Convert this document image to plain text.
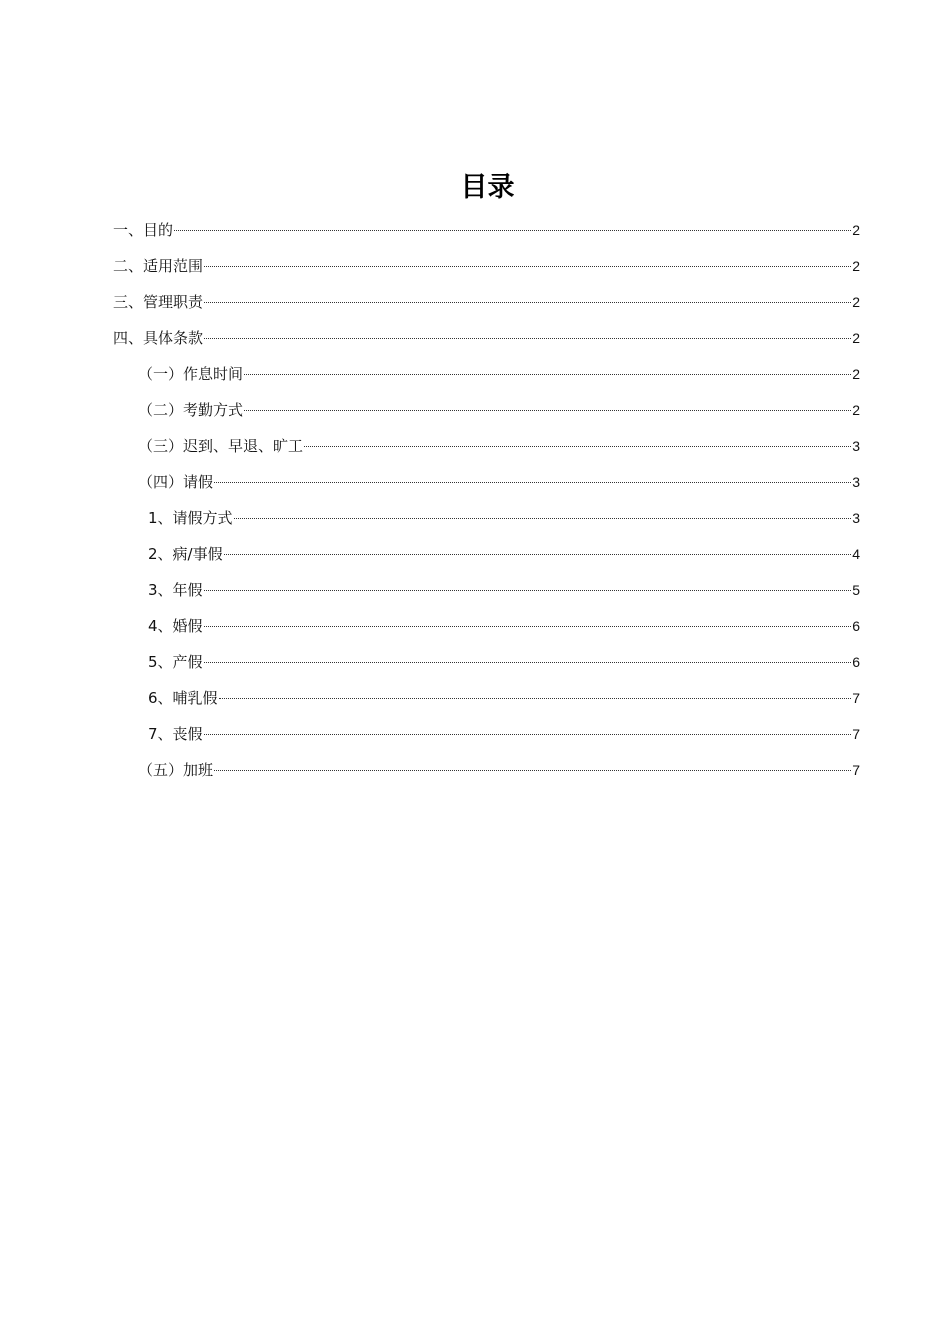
目录
一、目的	2
二、适用范围	2
三、管理职责	2
四、具体条款	2
（一）作息时间	2
（二）考勤方式	2
（三）迟到、早退、旷工	3
（四）请假	3
1、请假方式	3
2、病/事假	4
3、年假	5
4、婚假	6
5、产假	6
6、哺乳假	7
7、丧假	7
（五）加班	7
